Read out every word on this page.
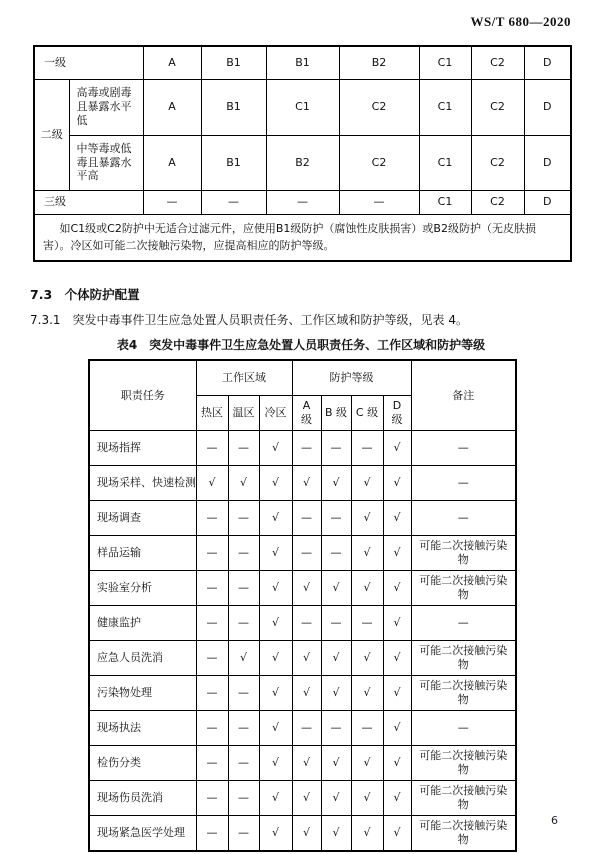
WS/T 680—2020
一级		A	B1	B1	B2	C1	C2	D
二级	高毒或剧毒且暴露水平低	A	B1	C1	C2	C1	C2	D
	中等毒或低毒且暴露水平高	A	B1	B2	C2	C1	C2	D
三级		—	—	—	—	C1	C2	D
如C1级或C2防护中无适合过滤元件，应使用B1级防护（腐蚀性皮肤损害）或B2级防护（无皮肤损害）。冷区如可能二次接触污染物，应提高相应的防护等级。								
7.3　个体防护配置
7.3.1　突发中毒事件卫生应急处置人员职责任务、工作区域和防护等级，见表 4。
表4　突发中毒事件卫生应急处置人员职责任务、工作区域和防护等级
职责任务	工作区域			防护等级				备注
	热区	温区	冷区	A 级	B 级	C 级	D 级	
现场指挥	—	—	√	—	—	—	√	—
现场采样、快速检测	√	√	√	√	√	√	√	—
现场调查	—	—	√	—	—	√	√	—
样品运输	—	—	√	—	—	√	√	可能二次接触污染物
实验室分析	—	—	√	√	√	√	√	可能二次接触污染物
健康监护	—	—	√	—	—	—	√	—
应急人员洗消	—	√	√	√	√	√	√	可能二次接触污染物
污染物处理	—	—	√	√	√	√	√	可能二次接触污染物
现场执法	—	—	√	—	—	—	√	—
检伤分类	—	—	√	√	√	√	√	可能二次接触污染物
现场伤员洗消	—	—	√	√	√	√	√	可能二次接触污染物
现场紧急医学处理	—	—	√	√	√	√	√	可能二次接触污染物
6
